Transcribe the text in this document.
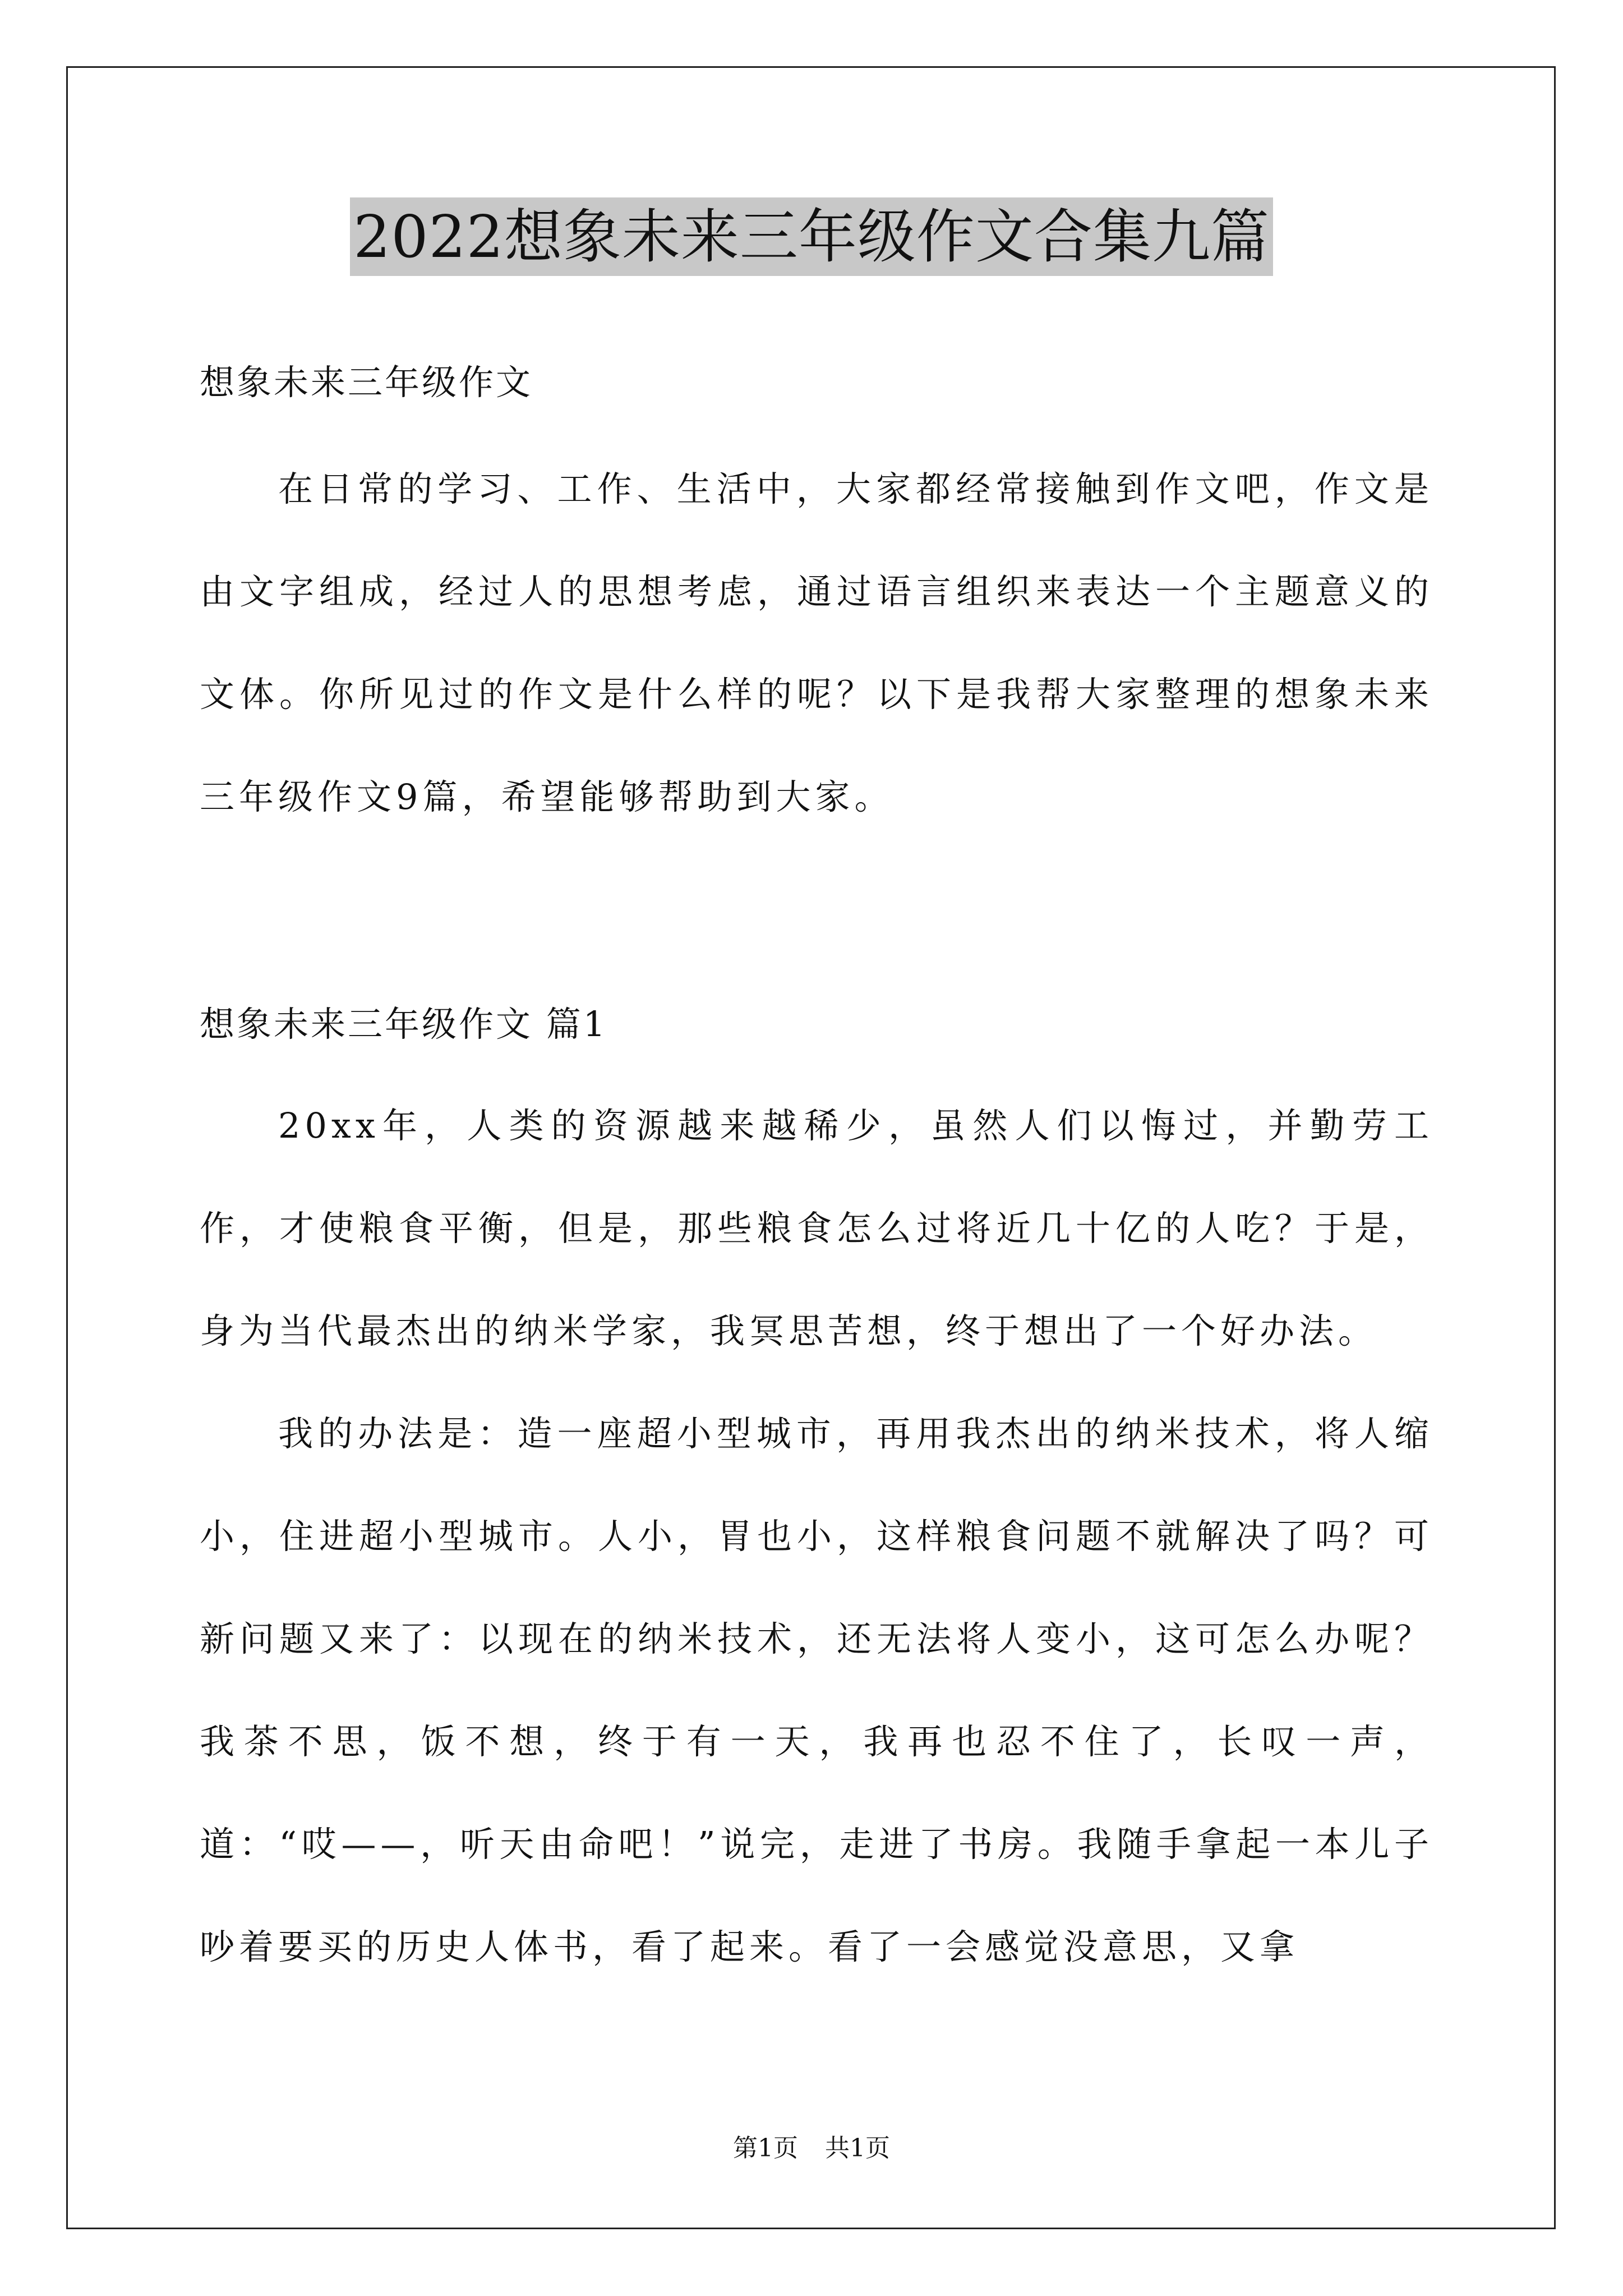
2022想象未来三年级作文合集九篇
想象未来三年级作文

在日常的学习、工作、生活中，大家都经常接触到作文吧，作文是由文字组成，经过人的思想考虑，通过语言组织来表达一个主题意义的文体。你所见过的作文是什么样的呢？以下是我帮大家整理的想象未来三年级作文9篇，希望能够帮助到大家。

想象未来三年级作文 篇1

20xx年，人类的资源越来越稀少，虽然人们以悔过，并勤劳工作，才使粮食平衡，但是，那些粮食怎么过将近几十亿的人吃？于是，身为当代最杰出的纳米学家，我冥思苦想，终于想出了一个好办法。

我的办法是：造一座超小型城市，再用我杰出的纳米技术，将人缩小，住进超小型城市。人小，胃也小，这样粮食问题不就解决了吗？可新问题又来了：以现在的纳米技术，还无法将人变小，这可怎么办呢？我茶不思，饭不想，终于有一天，我再也忍不住了，长叹一声，道：“哎——，听天由命吧！”说完，走进了书房。我随手拿起一本儿子吵着要买的历史人体书，看了起来。看了一会感觉没意思，又拿

第1页 共1页
